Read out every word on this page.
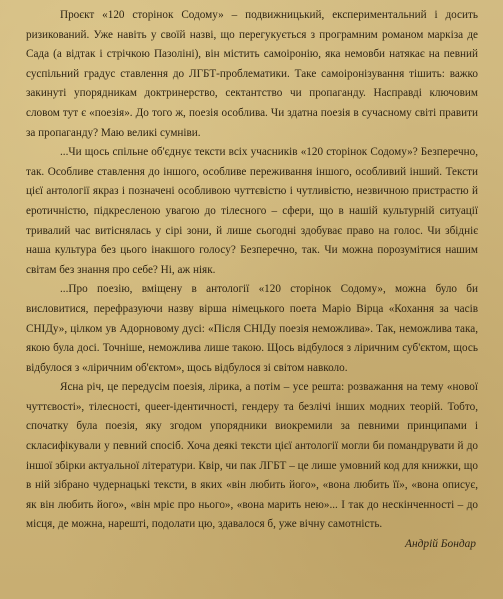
Проєкт «120 сторінок Содому» – подвижницький, експериментальний і досить ризикований. Уже навіть у своїй назві, що перегукується з програмним романом маркіза де Сада (а відтак і стрічкою Пазоліні), він містить самоіронію, яка немовби натякає на певний суспільний градус ставлення до ЛГБТ-проблематики. Таке самоіронізування тішить: важко закинуті упорядникам доктринерство, сектантство чи пропаганду. Насправді ключовим словом тут є «поезія». До того ж, поезія особлива. Чи здатна поезія в сучасному світі правити за пропаганду? Маю великі сумніви.

...Чи щось спільне об'єднує тексти всіх учасників «120 сторінок Содому»? Безперечно, так. Особливе ставлення до іншого, особливе переживання іншого, особливий інший. Тексти цієї антології якраз і позначені особливою чуттєвістю і чутливістю, незвичною пристрастю й еротичністю, підкресленою увагою до тілесного – сфери, що в нашій культурній ситуації тривалий час витіснялась у сірі зони, й лише сьогодні здобуває право на голос. Чи збідніє наша культура без цього інакшого голосу? Безперечно, так. Чи можна порозумітися нашим світам без знання про себе? Ні, аж ніяк.

...Про поезію, вміщену в антології «120 сторінок Содому», можна було би висловитися, перефразуючи назву вірша німецького поета Маріо Вірца «Кохання за часів СНІДу», цілком ув Адорновому дусі: «Після СНІДу поезія неможлива». Так, неможлива така, якою була досі. Точніше, неможлива лише такою. Щось відбулося з ліричним суб'єктом, щось відбулося з «ліричним об'єктом», щось відбулося зі світом навколо.

Ясна річ, це передусім поезія, лірика, а потім – усе решта: розважання на тему «нової чуттєвості», тілесності, queer-ідентичності, гендеру та безлічі інших модних теорій. Тобто, спочатку була поезія, яку згодом упорядники виокремили за певними принципами і скласифікували у певний спосіб. Хоча деякі тексти цієї антології могли би помандрувати й до іншої збірки актуальної літератури. Квір, чи пак ЛГБТ – це лише умовний код для книжки, що в ній зібрано чудернацькі тексти, в яких «він любить його», «вона любить її», «вона описує, як він любить його», «він мріє про нього», «вона марить нею»... І так до нескінченності – до місця, де можна, нарешті, подолати цю, здавалося б, уже вічну самотність.

Андрій Бондар
